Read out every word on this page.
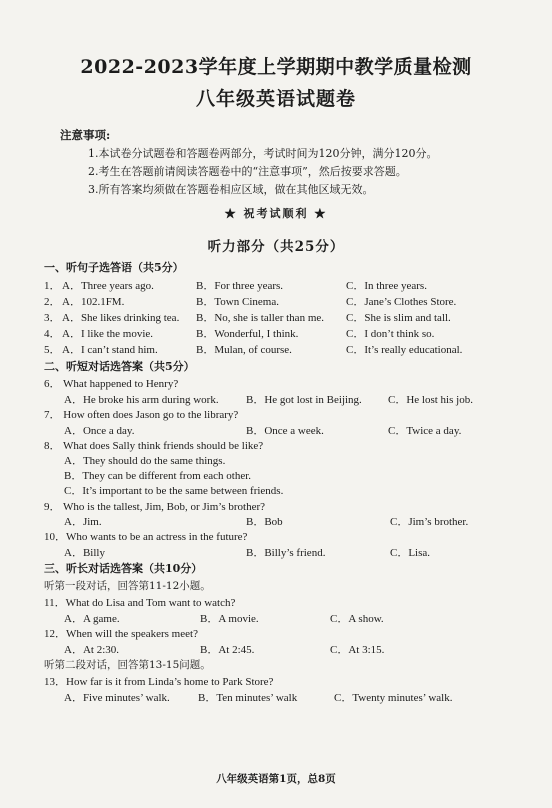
2022-2023学年度上学期期中教学质量检测
八年级英语试题卷
注意事项:
1.本试卷分试题卷和答题卷两部分，考试时间为120分钟，满分120分。
2.考生在答题前请阅读答题卷中的“注意事项”，然后按要求答题。
3.所有答案均须做在答题卷相应区域，做在其他区域无效。
★ 祝考试顺利 ★
听力部分（共25分）
一、听句子选答语（共5分）
1． A．Three years ago.	B．For three years.	C．In three years.
2． A．102.1FM.	B．Town Cinema.	C．Jane’s Clothes Store.
3． A．She likes drinking tea. B．No, she is taller than me. C．She is slim and tall.
4． A．I like the movie.	B．Wonderful, I think.	C．I don’t think so.
5． A．I can’t stand him.	B．Mulan, of course.	C．It’s really educational.
二、听短对话选答案（共5分）
6． What happened to Henry?
A．He broke his arm during work. B．He got lost in Beijing. C．He lost his job.
7． How often does Jason go to the library?
A．Once a day.	B．Once a week.	C．Twice a day.
8． What does Sally think friends should be like?
A．They should do the same things.
B．They can be different from each other.
C．It’s important to be the same between friends.
9． Who is the tallest, Jim, Bob, or Jim’s brother?
A．Jim.	B．Bob	C．Jim’s brother.
10．Who wants to be an actress in the future?
A．Billy	B．Billy’s friend.	C．Lisa.
三、听长对话选答案（共10分）
听第一段对话，回答第11-12小题。
11．What do Lisa and Tom want to watch?
A．A game.	B．A movie.	C．A show.
12．When will the speakers meet?
A．At 2:30.	B．At 2:45.	C．At 3:15.
听第二段对话，回答第13-15问题。
13．How far is it from Linda’s home to Park Store?
A．Five minutes’ walk.	B．Ten minutes’ walk	C．Twenty minutes’ walk.
八年级英语第1页，总8页
